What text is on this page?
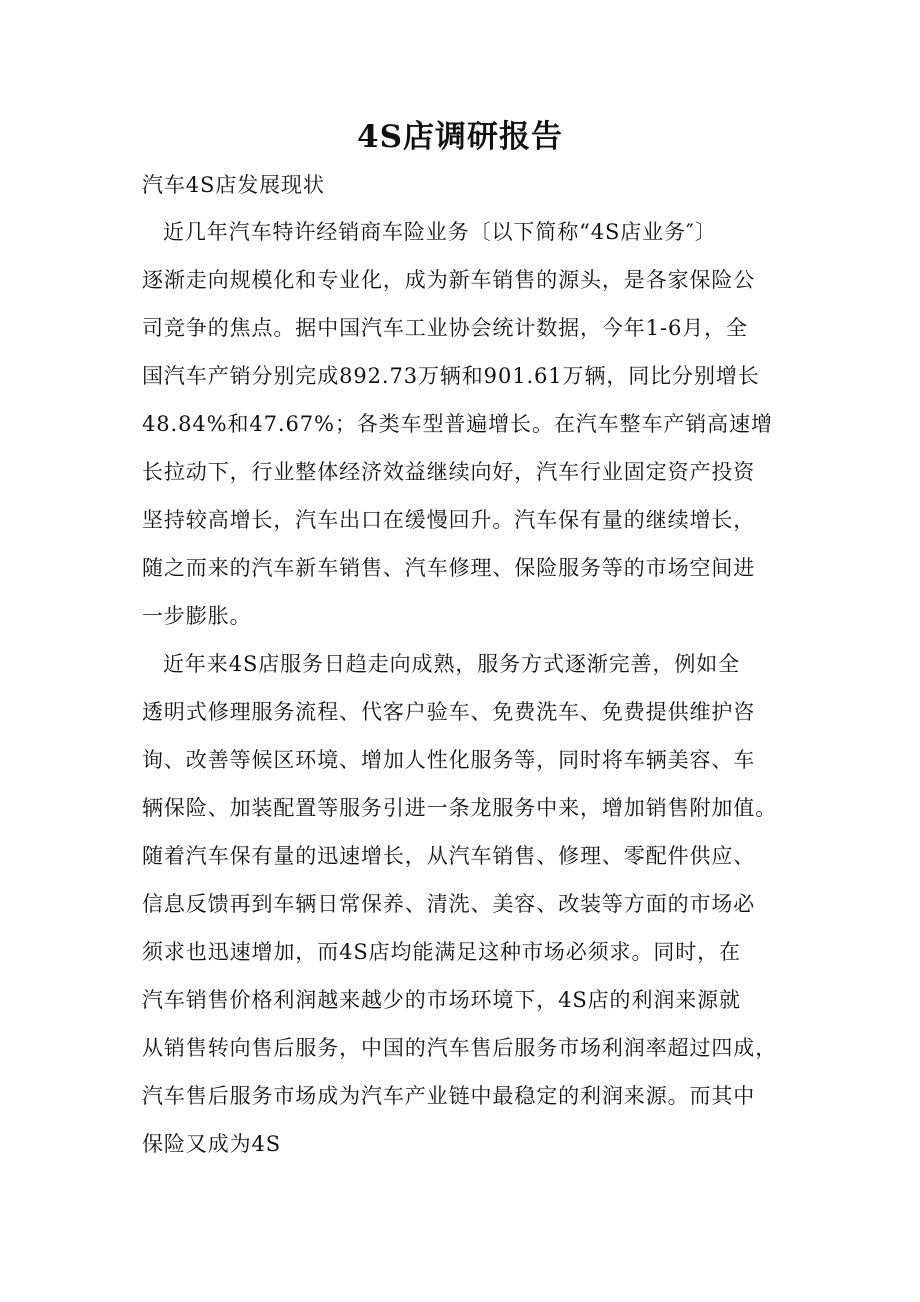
4S店调研报告
汽车4S店发展现状
近几年汽车特许经销商车险业务〔以下简称“4S店业务″〕
逐渐走向规模化和专业化，成为新车销售的源头，是各家保险公
司竞争的焦点。据中国汽车工业协会统计数据，今年1-6月，全
国汽车产销分别完成892.73万辆和901.61万辆，同比分别增长
48.84%和47.67%；各类车型普遍增长。在汽车整车产销高速增
长拉动下，行业整体经济效益继续向好，汽车行业固定资产投资
坚持较高增长，汽车出口在缓慢回升。汽车保有量的继续增长，
随之而来的汽车新车销售、汽车修理、保险服务等的市场空间进
一步膨胀。
近年来4S店服务日趋走向成熟，服务方式逐渐完善，例如全
透明式修理服务流程、代客户验车、免费洗车、免费提供维护咨
询、改善等候区环境、增加人性化服务等，同时将车辆美容、车
辆保险、加装配置等服务引进一条龙服务中来，增加销售附加值。
随着汽车保有量的迅速增长，从汽车销售、修理、零配件供应、
信息反馈再到车辆日常保养、清洗、美容、改装等方面的市场必
须求也迅速增加，而4S店均能满足这种市场必须求。同时，在
汽车销售价格利润越来越少的市场环境下，4S店的利润来源就
从销售转向售后服务，中国的汽车售后服务市场利润率超过四成，
汽车售后服务市场成为汽车产业链中最稳定的利润来源。而其中
保险又成为4S
